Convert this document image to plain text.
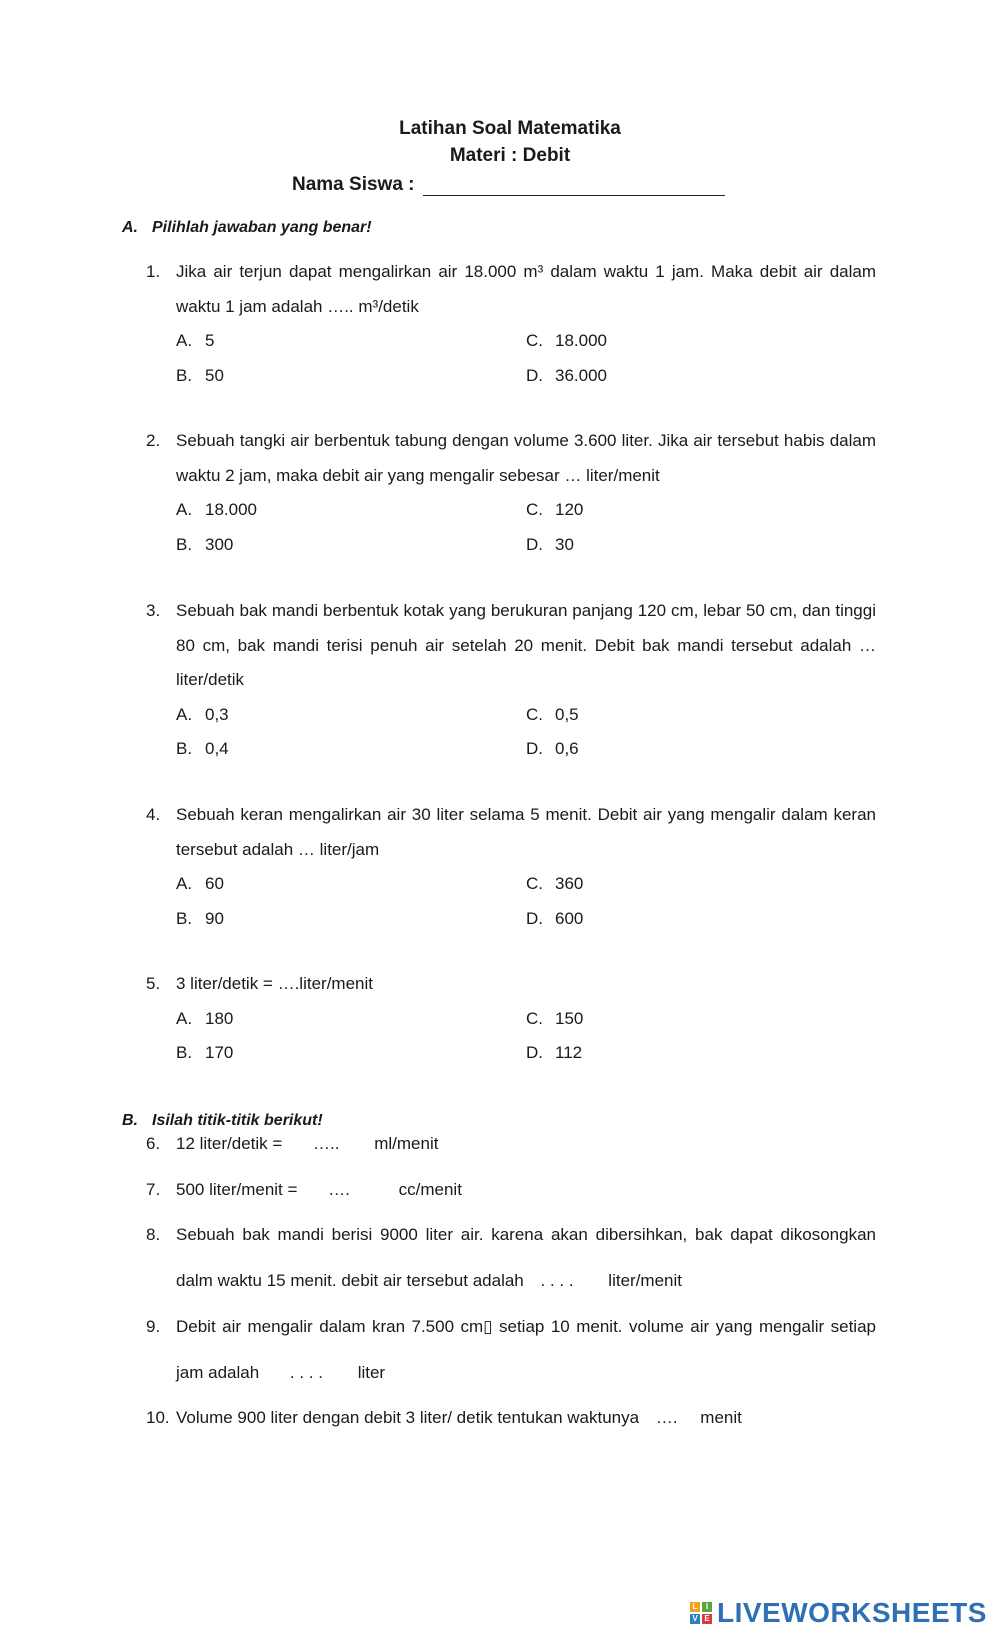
Latihan Soal Matematika
Materi : Debit
Nama Siswa :
A. Pilihlah jawaban yang benar!
1. Jika air terjun dapat mengalirkan air 18.000 m³ dalam waktu 1 jam. Maka debit air dalam waktu 1 jam adalah ….. m³/detik
A. 5
B. 50
C. 18.000
D. 36.000
2. Sebuah tangki air berbentuk tabung dengan volume 3.600 liter. Jika air tersebut habis dalam waktu 2 jam, maka debit air yang mengalir sebesar … liter/menit
A. 18.000
B. 300
C. 120
D. 30
3. Sebuah bak mandi berbentuk kotak yang berukuran panjang 120 cm, lebar 50 cm, dan tinggi 80 cm, bak mandi terisi penuh air setelah 20 menit. Debit bak mandi tersebut adalah … liter/detik
A. 0,3
B. 0,4
C. 0,5
D. 0,6
4. Sebuah keran mengalirkan air 30 liter selama 5 menit. Debit air yang mengalir dalam keran tersebut adalah … liter/jam
A. 60
B. 90
C. 360
D. 600
5. 3 liter/detik = ….liter/menit
A. 180
B. 170
C. 150
D. 112
B. Isilah titik-titik berikut!
6. 12 liter/detik = ….. ml/menit
7. 500 liter/menit = ….	cc/menit
8. Sebuah bak mandi berisi 9000 liter air. karena akan dibersihkan, bak dapat dikosongkan dalm waktu 15 menit. debit air tersebut adalah . . . . liter/menit
9. Debit air mengalir dalam kran 7.500 cm▯ setiap 10 menit. volume air yang mengalir setiap jam adalah . . . . liter
10. Volume 900 liter dengan debit 3 liter/ detik tentukan waktunya …. menit
L	I
V E LIVEWORKSHEETS
